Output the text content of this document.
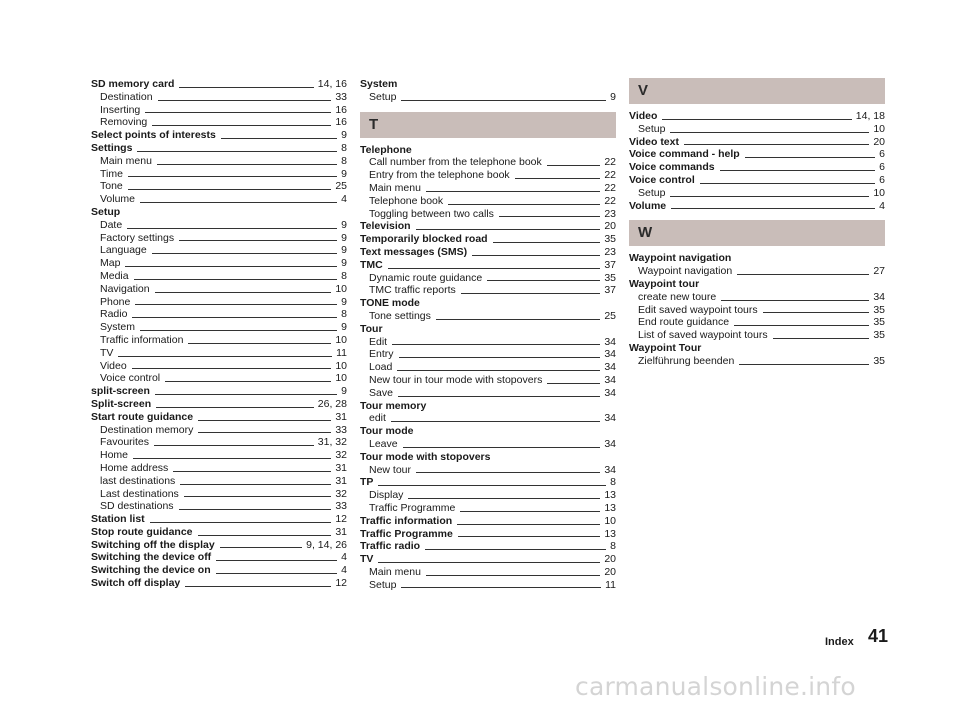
SD memory card	14, 16
Destination	33
Inserting	16
Removing	16
Select points of interests	9
Settings	8
Main menu	8
Time	9
Tone	25
Volume	4
Setup
Date	9
Factory settings	9
Language	9
Map	9
Media	8
Navigation	10
Phone	9
Radio	8
System	9
Traffic information	10
TV	11
Video	10
Voice control	10
split-screen	9
Split-screen	26, 28
Start route guidance	31
Destination memory	33
Favourites	31, 32
Home	32
Home address	31
last destinations	31
Last destinations	32
SD destinations	33
Station list	12
Stop route guidance	31
Switching off the display	9, 14, 26
Switching the device off	4
Switching the device on	4
Switch off display	12
System
Setup	9
T
Telephone
Call number from the telephone book	22
Entry from the telephone book	22
Main menu	22
Telephone book	22
Toggling between two calls	23
Television	20
Temporarily blocked road	35
Text messages (SMS)	23
TMC	37
Dynamic route guidance	35
TMC traffic reports	37
TONE mode
Tone settings	25
Tour
Edit	34
Entry	34
Load	34
New tour in tour mode with stopovers	34
Save	34
Tour memory
edit	34
Tour mode
Leave	34
Tour mode with stopovers
New tour	34
TP	8
Display	13
Traffic Programme	13
Traffic information	10
Traffic Programme	13
Traffic radio	8
TV	20
Main menu	20
Setup	11
V
Video	14, 18
Setup	10
Video text	20
Voice command - help	6
Voice commands	6
Voice control	6
Setup	10
Volume	4
W
Waypoint navigation
Waypoint navigation	27
Waypoint tour
create new toure	34
Edit saved waypoint tours	35
End route guidance	35
List of saved waypoint tours	35
Waypoint Tour
Zielführung beenden	35
Index 41
carmanualsonline.info
